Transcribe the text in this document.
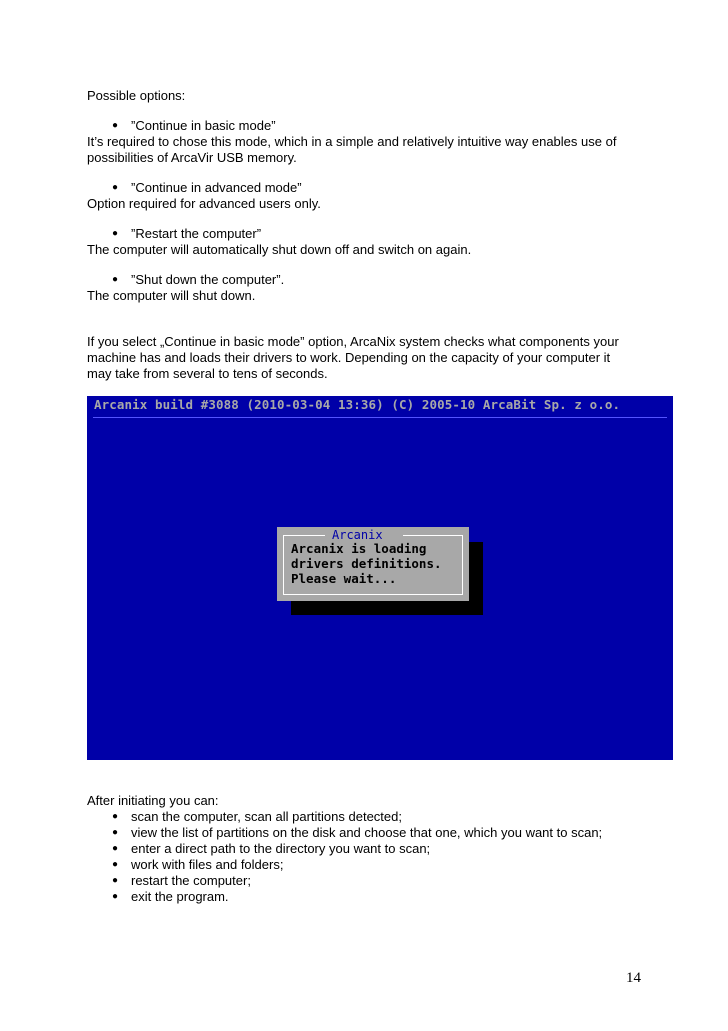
Possible options:
● ”Continue in basic mode”
It’s required to chose this mode, which in a simple and relatively intuitive way enables use of
possibilities of ArcaVir USB memory.
● ”Continue in advanced mode”
Option required for advanced users only.
● ”Restart the computer”
The computer will automatically shut down off and switch on again.
● ”Shut down the computer”.
The computer will shut down.
If you select „Continue in basic mode” option, ArcaNix system checks what components your
machine has and loads their drivers to work. Depending on the capacity of your computer it
may take from several to tens of seconds.
Arcanix build #3088 (2010-03-04 13:36) (C) 2005-10 ArcaBit Sp. z o.o.
Arcanix
Arcanix is loading
drivers definitions.
Please wait...
After initiating you can:
● scan the computer, scan all partitions detected;
● view the list of partitions on the disk and choose that one, which you want to scan;
● enter a direct path to the directory you want to scan;
● work with files and folders;
● restart the computer;
● exit the program.
14
